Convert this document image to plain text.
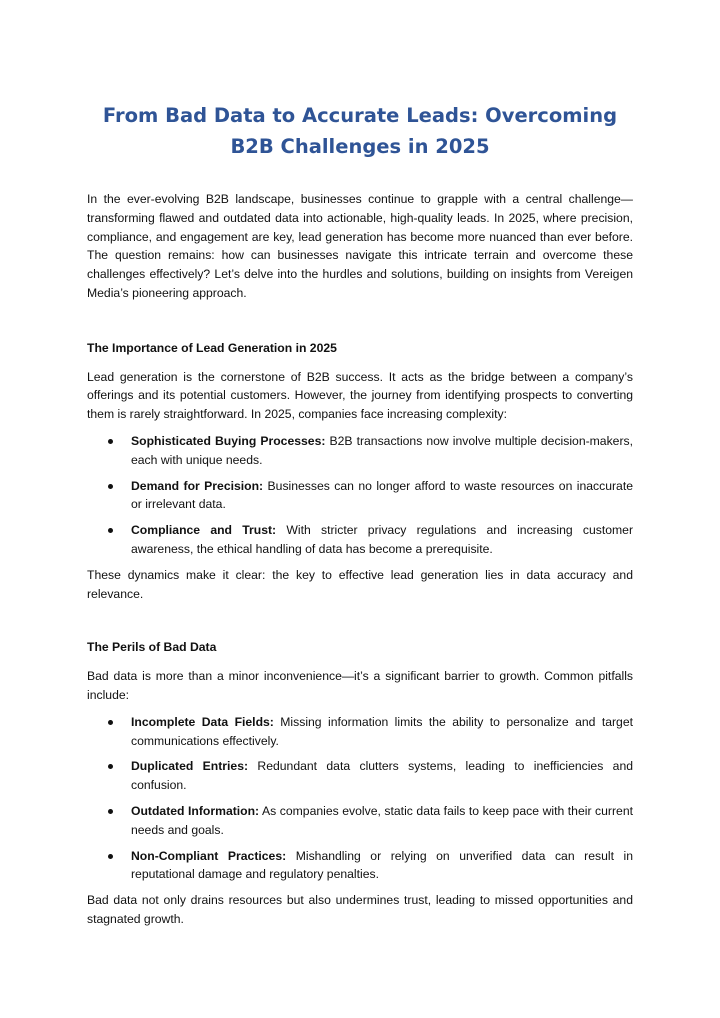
From Bad Data to Accurate Leads: Overcoming
B2B Challenges in 2025

In the ever-evolving B2B landscape, businesses continue to grapple with a central challenge—transforming flawed and outdated data into actionable, high-quality leads. In 2025, where precision, compliance, and engagement are key, lead generation has become more nuanced than ever before. The question remains: how can businesses navigate this intricate terrain and overcome these challenges effectively? Let’s delve into the hurdles and solutions, building on insights from Vereigen Media’s pioneering approach.

The Importance of Lead Generation in 2025

Lead generation is the cornerstone of B2B success. It acts as the bridge between a company’s offerings and its potential customers. However, the journey from identifying prospects to converting them is rarely straightforward. In 2025, companies face increasing complexity:

Sophisticated Buying Processes: B2B transactions now involve multiple decision-makers, each with unique needs.
Demand for Precision: Businesses can no longer afford to waste resources on inaccurate or irrelevant data.
Compliance and Trust: With stricter privacy regulations and increasing customer awareness, the ethical handling of data has become a prerequisite.

These dynamics make it clear: the key to effective lead generation lies in data accuracy and relevance.

The Perils of Bad Data

Bad data is more than a minor inconvenience—it’s a significant barrier to growth. Common pitfalls include:

Incomplete Data Fields: Missing information limits the ability to personalize and target communications effectively.
Duplicated Entries: Redundant data clutters systems, leading to inefficiencies and confusion.
Outdated Information: As companies evolve, static data fails to keep pace with their current needs and goals.
Non-Compliant Practices: Mishandling or relying on unverified data can result in reputational damage and regulatory penalties.

Bad data not only drains resources but also undermines trust, leading to missed opportunities and stagnated growth.
